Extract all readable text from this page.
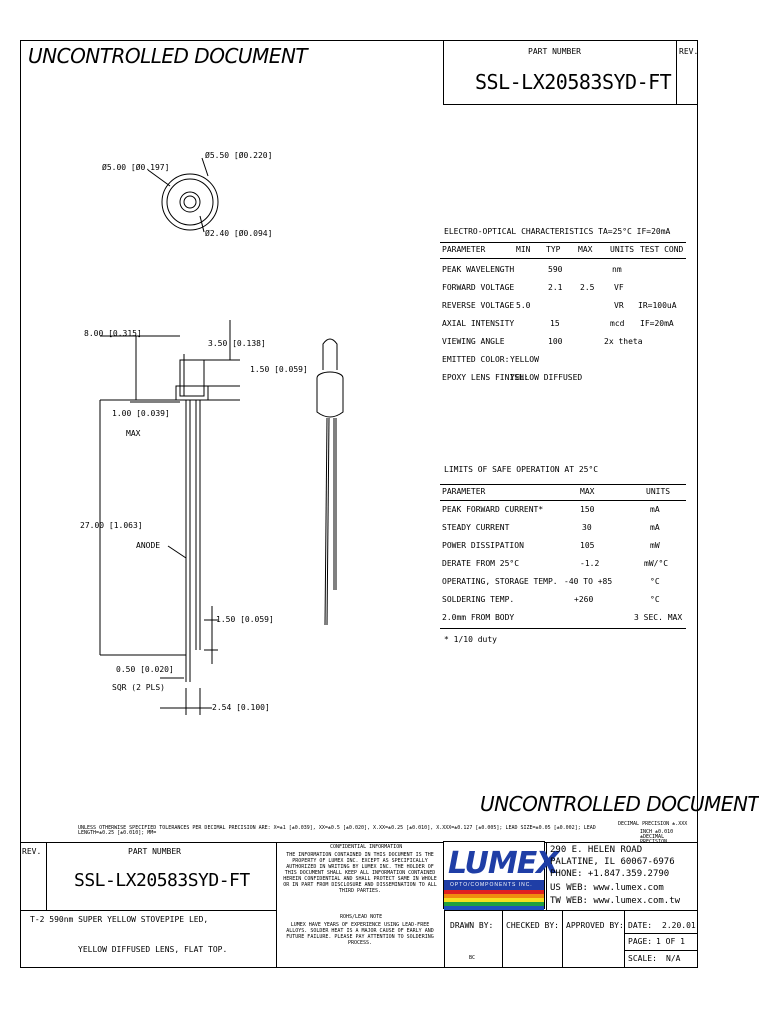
UNCONTROLLED DOCUMENT	PART NUMBER
SSL-LX20583SYD-FT
REV.
Ø5.00 [Ø0.197]
Ø5.50 [Ø0.220]
Ø2.40 [Ø0.094]
8.00 [0.315]
3.50 [0.138]
1.50 [0.059]
1.00 [0.039]
MAX
27.00 [1.063]
ANODE
1.50 [0.059]
0.50 [0.020]
SQR (2 PLS)
2.54 [0.100]
ELECTRO-OPTICAL CHARACTERISTICS TA=25°C IF=20mA
PARAMETER	MIN TYP MAX UNITS TEST COND
PEAK WAVELENGTH	590	nm
FORWARD VOLTAGE	2.1 2.5 VF
REVERSE VOLTAGE 5.0	VR IR=100uA
AXIAL INTENSITY	15	mcd IF=20mA
VIEWING ANGLE	100	2x theta
EMITTED COLOR: YELLOW
EPOXY LENS FINISH:
YELLOW DIFFUSED
LIMITS OF SAFE OPERATION AT 25°C
PARAMETER	MAX	UNITS
PEAK FORWARD CURRENT*	150	mA
STEADY CURRENT	30	mA
POWER DISSIPATION	105	mW
DERATE FROM 25°C	-1.2	mW/°C
OPERATING, STORAGE TEMP. -40 TO +85	°C
SOLDERING TEMP.	+260	°C
2.0mm FROM BODY	3 SEC. MAX
* 1/10 duty
UNCONTROLLED DOCUMENT
UNLESS OTHERWISE SPECIFIED TOLERANCES PER DECIMAL PRECISION ARE: X=±1 [±0.039], XX=±0.5 [±0.020], X.XX=±0.25 [±0.010], X.XXX=±0.127 [±0.005]; LEAD SIZE=±0.05 [±0.002]; LEAD LENGTH=±0.25 [±0.010]; MM=
DECIMAL PRECISION ±.XXX
INCH ±0.010 ±DECIMAL PRECISION
REV.	PART NUMBER
SSL-LX20583SYD-FT
T-2 590nm SUPER YELLOW STOVEPIPE LED,
YELLOW DIFFUSED LENS, FLAT TOP.
CONFIDENTIAL INFORMATION
THE INFORMATION CONTAINED IN THIS DOCUMENT IS THE PROPERTY OF LUMEX INC. EXCEPT AS SPECIFICALLY AUTHORIZED IN WRITING BY LUMEX INC. THE HOLDER OF THIS DOCUMENT SHALL KEEP ALL INFORMATION CONTAINED HEREIN CONFIDENTIAL AND SHALL PROTECT SAME IN WHOLE OR IN PART FROM DISCLOSURE AND DISSEMINATION TO ALL THIRD PARTIES.
ROHS/LEAD NOTE
LUMEX HAVE YEARS OF EXPERIENCE USING LEAD-FREE ALLOYS. SOLDER HEAT IS A MAJOR CAUSE OF EARLY AND FUTURE FAILURE. PLEASE PAY ATTENTION TO SOLDERING PROCESS.
LUMEX
OPTO/COMPONENTS INC.
290 E. HELEN ROAD
PALATINE, IL 60067-6976
PHONE: +1.847.359.2790
US WEB: www.lumex.com
TW WEB: www.lumex.com.tw
DRAWN BY:
BC
CHECKED BY: APPROVED BY: DATE: 2.20.01
PAGE: 1 OF 1
SCALE: N/A
